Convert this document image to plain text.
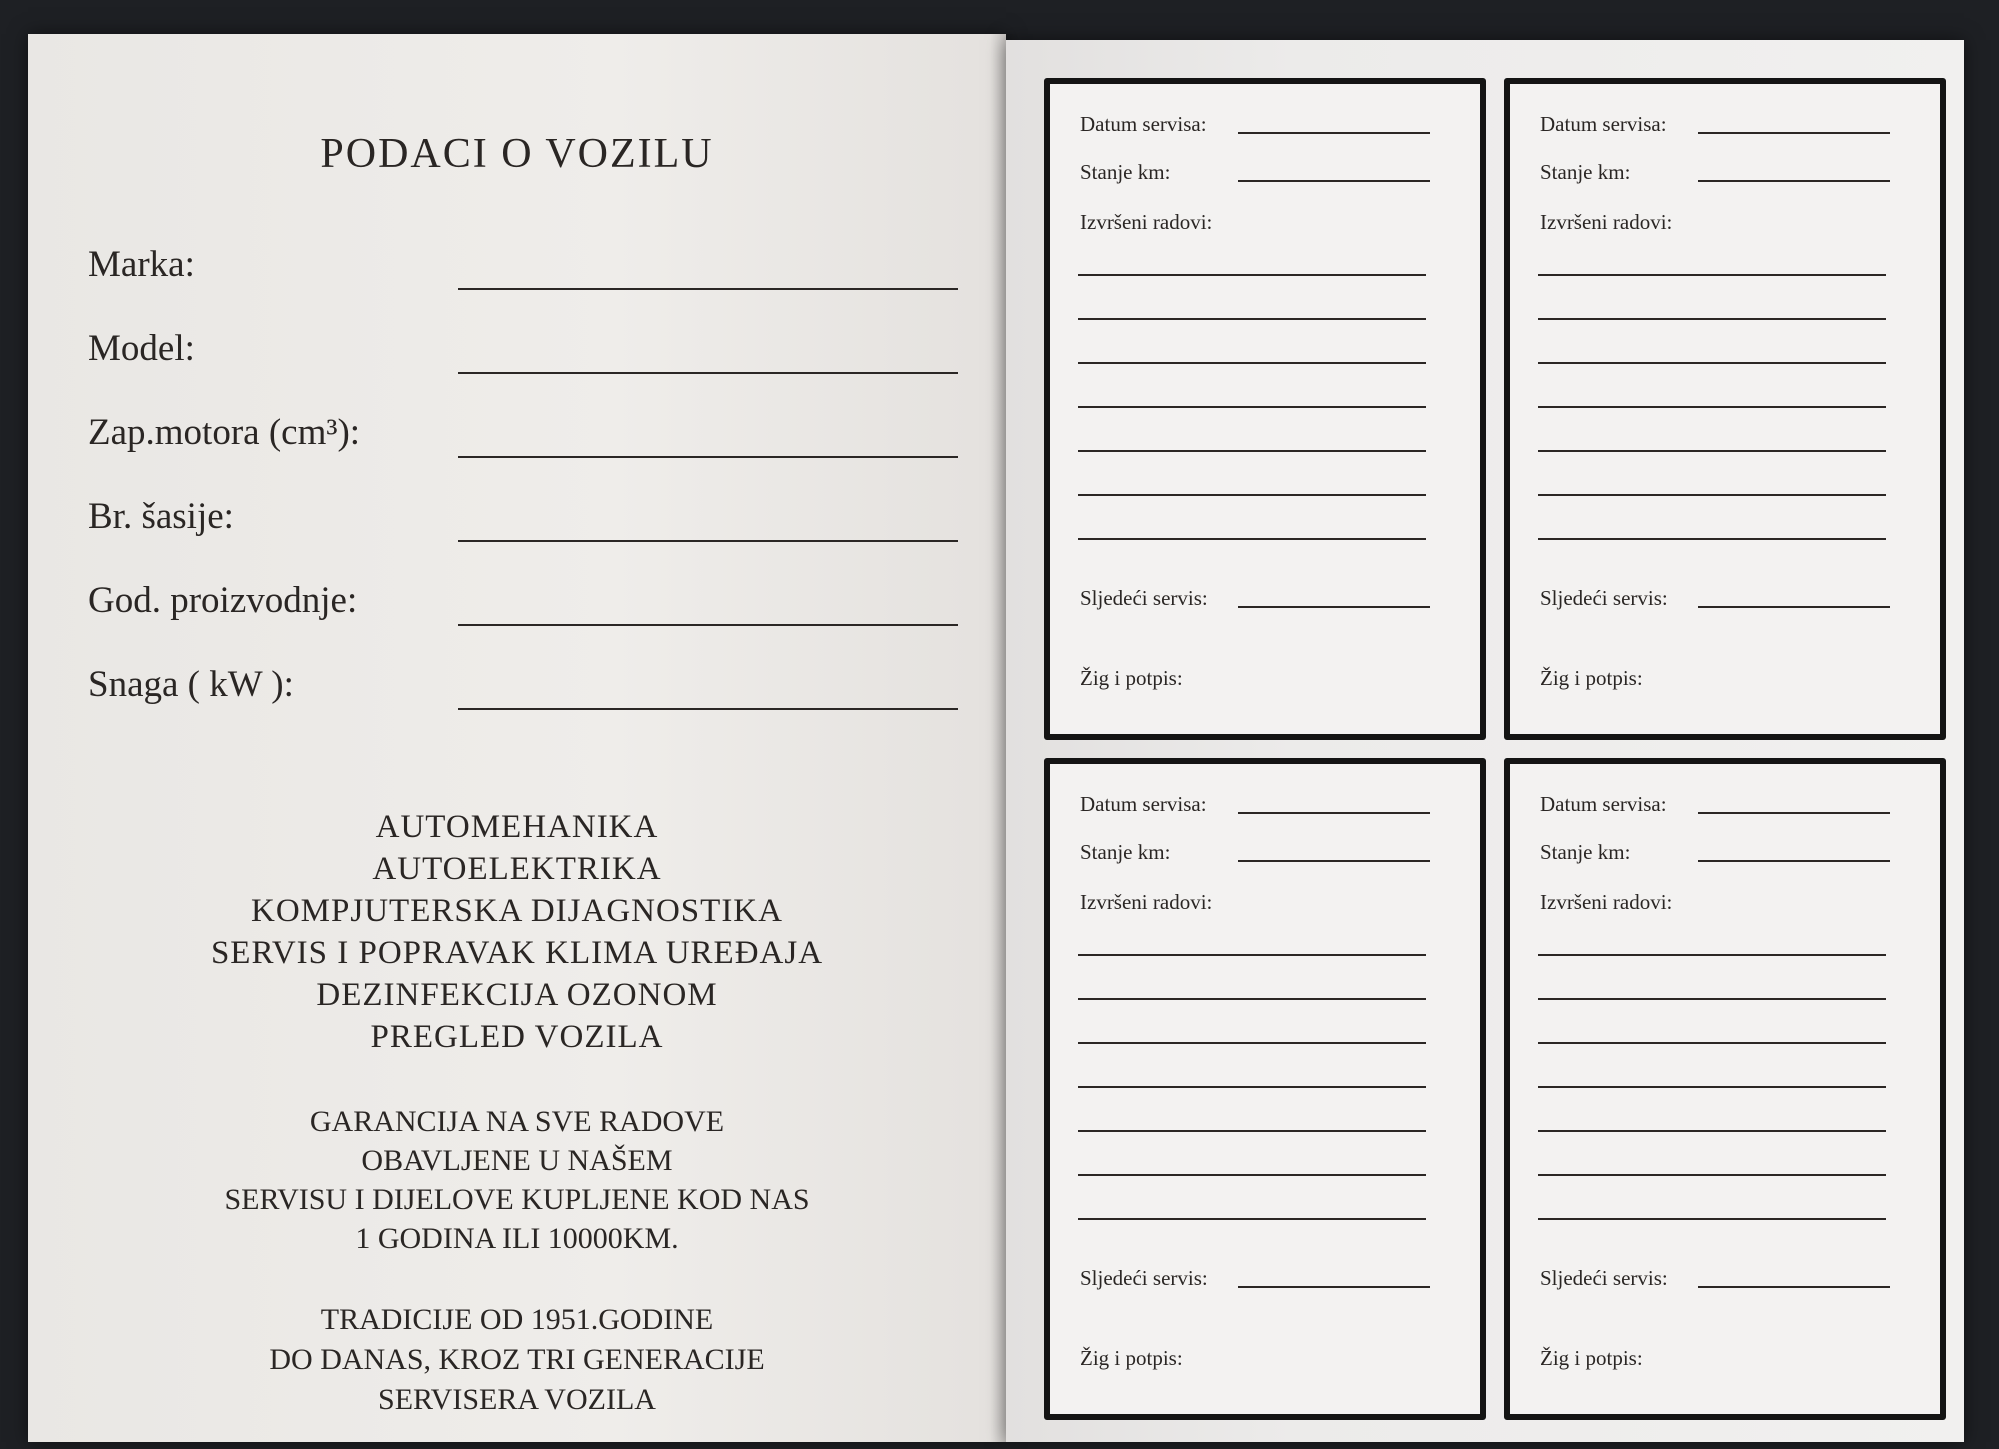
PODACI O VOZILU
Marka:
Model:
Zap.motora (cm³):
Br. šasije:
God. proizvodnje:
Snaga ( kW ):
AUTOMEHANIKA
AUTOELEKTRIKA
KOMPJUTERSKA DIJAGNOSTIKA
SERVIS I POPRAVAK KLIMA UREĐAJA
DEZINFEKCIJA OZONOM
PREGLED VOZILA
GARANCIJA NA SVE RADOVE
OBAVLJENE U NAŠEM
SERVISU I DIJELOVE KUPLJENE KOD NAS
1 GODINA ILI 10000KM.
TRADICIJE OD 1951.GODINE
DO DANAS, KROZ TRI GENERACIJE
SERVISERA VOZILA
Datum servisa:
Stanje km:
Izvršeni radovi:
Sljedeći servis:
Žig i potpis:
Datum servisa:
Stanje km:
Izvršeni radovi:
Sljedeći servis:
Žig i potpis:
Datum servisa:
Stanje km:
Izvršeni radovi:
Sljedeći servis:
Žig i potpis:
Datum servisa:
Stanje km:
Izvršeni radovi:
Sljedeći servis:
Žig i potpis:
